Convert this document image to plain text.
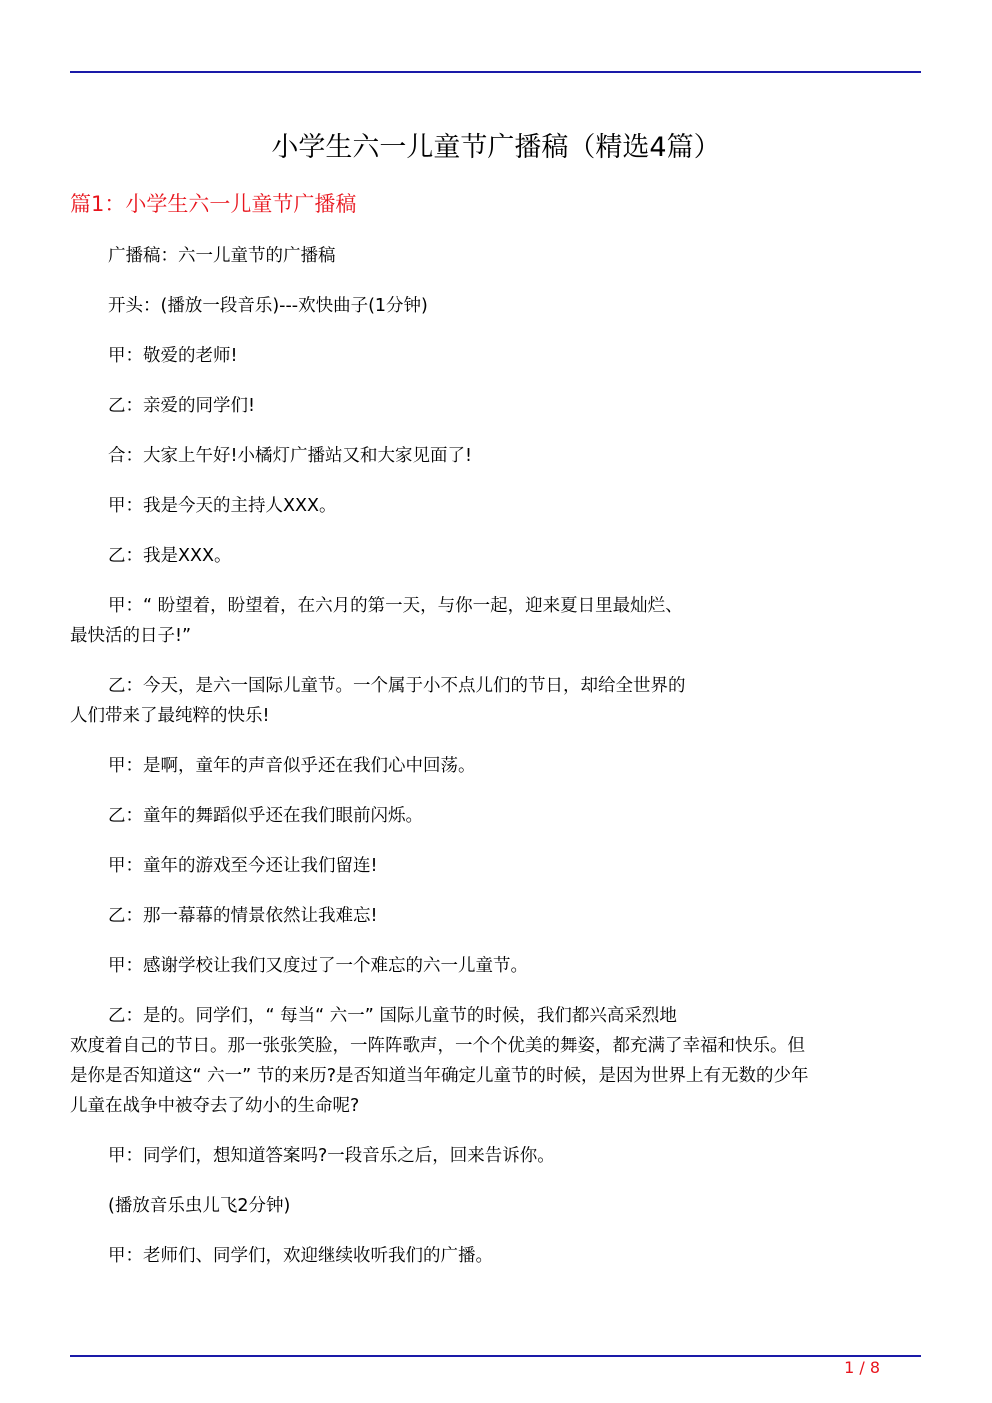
小学生六一儿童节广播稿（精选4篇）
篇1：小学生六一儿童节广播稿
广播稿：六一儿童节的广播稿
开头：(播放一段音乐)---欢快曲子(1分钟)
甲：敬爱的老师!
乙：亲爱的同学们!
合：大家上午好!小橘灯广播站又和大家见面了!
甲：我是今天的主持人XXX。
乙：我是XXX。
甲：“ 盼望着，盼望着，在六月的第一天，与你一起，迎来夏日里最灿烂、
最快活的日子!”
乙：今天，是六一国际儿童节。一个属于小不点儿们的节日，却给全世界的
人们带来了最纯粹的快乐!
甲：是啊，童年的声音似乎还在我们心中回荡。
乙：童年的舞蹈似乎还在我们眼前闪烁。
甲：童年的游戏至今还让我们留连!
乙：那一幕幕的情景依然让我难忘!
甲：感谢学校让我们又度过了一个难忘的六一儿童节。
乙：是的。同学们，“ 每当“ 六一” 国际儿童节的时候，我们都兴高采烈地
欢度着自己的节日。那一张张笑脸，一阵阵歌声，一个个优美的舞姿，都充满了幸福和快乐。但
是你是否知道这“ 六一” 节的来历?是否知道当年确定儿童节的时候，是因为世界上有无数的少年
儿童在战争中被夺去了幼小的生命呢?
甲：同学们，想知道答案吗?一段音乐之后，回来告诉你。
(播放音乐虫儿飞2分钟)
甲：老师们、同学们，欢迎继续收听我们的广播。
1 / 8
